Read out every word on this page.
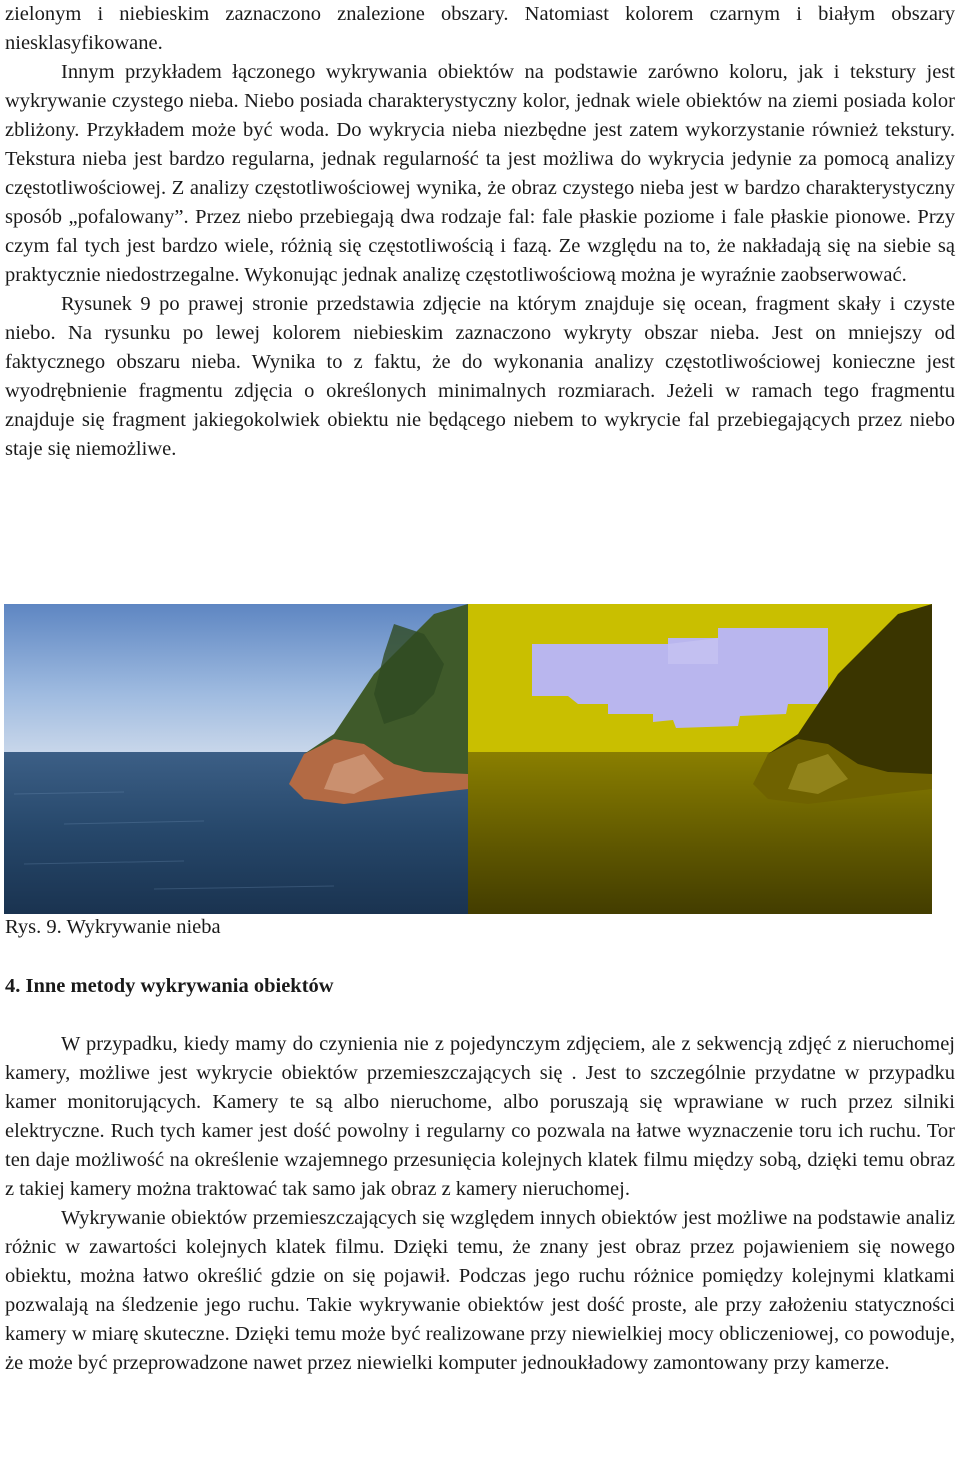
zielonym i niebieskim zaznaczono znalezione obszary. Natomiast kolorem czarnym i białym obszary niesklasyfikowane.

Innym przykładem łączonego wykrywania obiektów na podstawie zarówno koloru, jak i tekstury jest wykrywanie czystego nieba. Niebo posiada charakterystyczny kolor, jednak wiele obiektów na ziemi posiada kolor zbliżony. Przykładem może być woda. Do wykrycia nieba niezbędne jest zatem wykorzystanie również tekstury. Tekstura nieba jest bardzo regularna, jednak regularność ta jest możliwa do wykrycia jedynie za pomocą analizy częstotliwościowej. Z analizy częstotliwościowej wynika, że obraz czystego nieba jest w bardzo charakterystyczny sposób „pofalowany”. Przez niebo przebiegają dwa rodzaje fal: fale płaskie poziome i fale płaskie pionowe. Przy czym fal tych jest bardzo wiele, różnią się częstotliwością i fazą. Ze względu na to, że nakładają się na siebie są praktycznie niedostrzegalne. Wykonując jednak analizę częstotliwościową można je wyraźnie zaobserwować.

Rysunek 9 po prawej stronie przedstawia zdjęcie na którym znajduje się ocean, fragment skały i czyste niebo. Na rysunku po lewej kolorem niebieskim zaznaczono wykryty obszar nieba. Jest on mniejszy od faktycznego obszaru nieba. Wynika to z faktu, że do wykonania analizy częstotliwościowej konieczne jest wyodrębnienie fragmentu zdjęcia o określonych minimalnych rozmiarach. Jeżeli w ramach tego fragmentu znajduje się fragment jakiegokolwiek obiektu nie będącego niebem to wykrycie fal przebiegających przez niebo staje się niemożliwe.

Rys. 9. Wykrywanie nieba
4. Inne metody wykrywania obiektów

W przypadku, kiedy mamy do czynienia nie z pojedynczym zdjęciem, ale z sekwencją zdjęć z nieruchomej kamery, możliwe jest wykrycie obiektów przemieszczających się . Jest to szczególnie przydatne w przypadku kamer monitorujących. Kamery te są albo nieruchome, albo poruszają się wprawiane w ruch przez silniki elektryczne. Ruch tych kamer jest dość powolny i regularny co pozwala na łatwe wyznaczenie toru ich ruchu. Tor ten daje możliwość na określenie wzajemnego przesunięcia kolejnych klatek filmu między sobą, dzięki temu obraz z takiej kamery można traktować tak samo jak obraz z kamery nieruchomej.

Wykrywanie obiektów przemieszczających się względem innych obiektów jest możliwe na podstawie analiz różnic w zawartości kolejnych klatek filmu. Dzięki temu, że znany jest obraz przez pojawieniem się nowego obiektu, można łatwo określić gdzie on się pojawił. Podczas jego ruchu różnice pomiędzy kolejnymi klatkami pozwalają na śledzenie jego ruchu. Takie wykrywanie obiektów jest dość proste, ale przy założeniu statyczności kamery w miarę skuteczne. Dzięki temu może być realizowane przy niewielkiej mocy obliczeniowej, co powoduje, że może być przeprowadzone nawet przez niewielki komputer jednoukładowy zamontowany przy kamerze.
